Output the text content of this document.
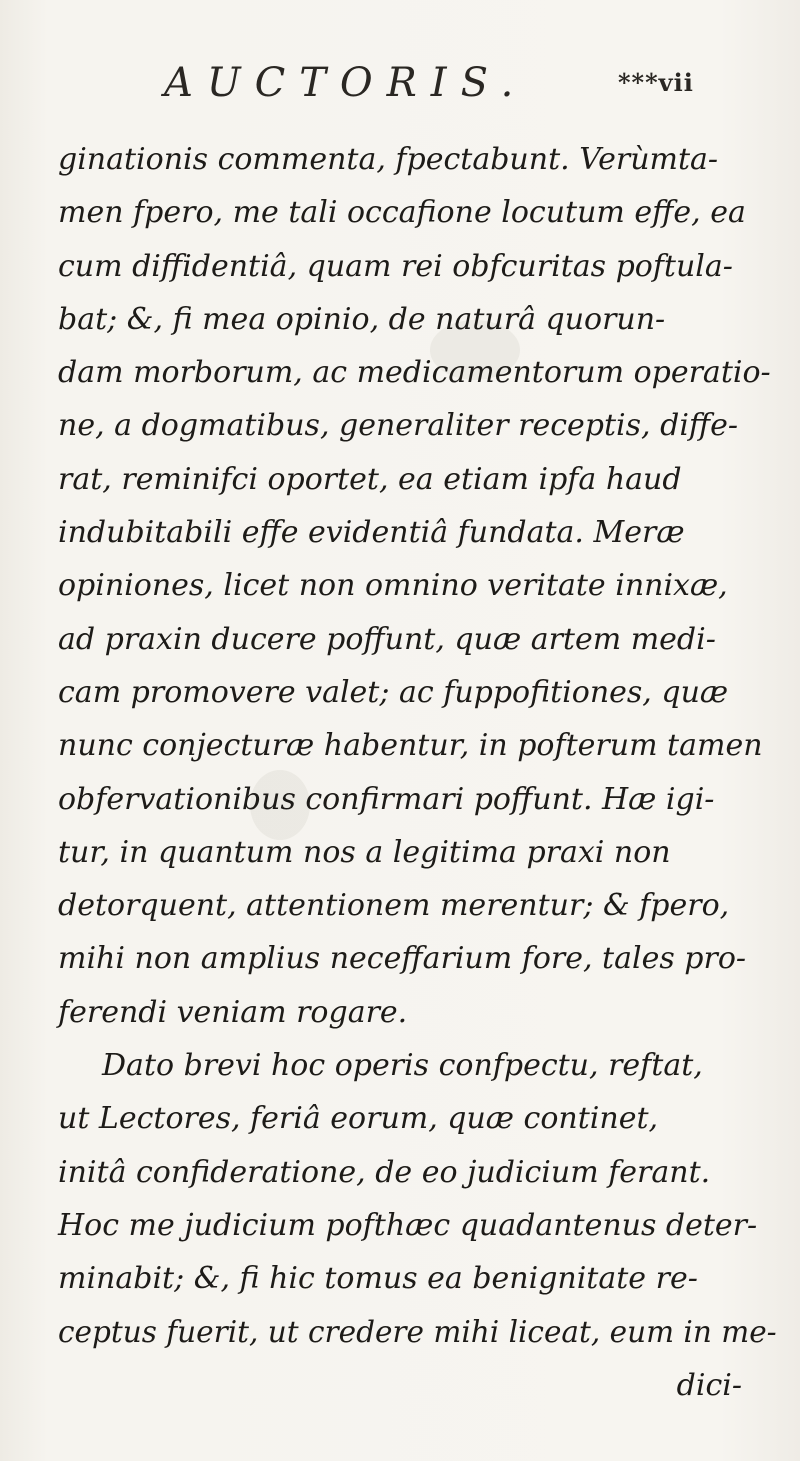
AUCTORIS.	***vii
ginationis commenta, fpectabunt. Verùmta-
men fpero, me tali occafione locutum effe, ea
cum diffidentiâ, quam rei obfcuritas poftula-
bat; &, fi mea opinio, de naturâ quorun-
dam morborum, ac medicamentorum operatio-
ne, a dogmatibus, generaliter receptis, diffe-
rat, reminifci oportet, ea etiam ipfa haud
indubitabili effe evidentiâ fundata. Meræ
opiniones, licet non omnino veritate innixæ,
ad praxin ducere poffunt, quæ artem medi-
cam promovere valet; ac fuppofitiones, quæ
nunc conjecturæ habentur, in pofterum tamen
obfervationibus confirmari poffunt. Hæ igi-
tur, in quantum nos a legitima praxi non
detorquent, attentionem merentur; & fpero,
mihi non amplius neceffarium fore, tales pro-
ferendi veniam rogare.
Dato brevi hoc operis confpectu, reftat,
ut Lectores, feriâ eorum, quæ continet,
initâ confideratione, de eo judicium ferant.
Hoc me judicium pofthæc quadantenus deter-
minabit; &, fi hic tomus ea benignitate re-
ceptus fuerit, ut credere mihi liceat, eum in me-
dici-
